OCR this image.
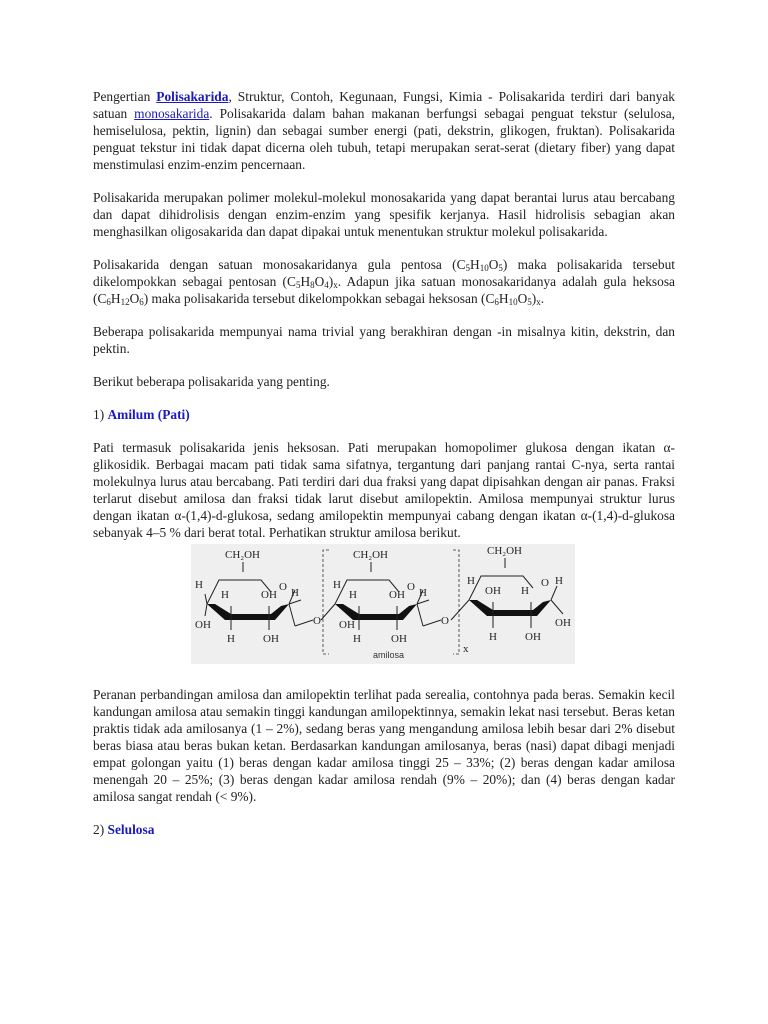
Pengertian Polisakarida, Struktur, Contoh, Kegunaan, Fungsi, Kimia - Polisakarida terdiri dari banyak satuan monosakarida. Polisakarida dalam bahan makanan berfungsi sebagai penguat tekstur (selulosa, hemiselulosa, pektin, lignin) dan sebagai sumber energi (pati, dekstrin, glikogen, fruktan). Polisakarida penguat tekstur ini tidak dapat dicerna oleh tubuh, tetapi merupakan serat-serat (dietary fiber) yang dapat menstimulasi enzim-enzim pencernaan.

Polisakarida merupakan polimer molekul-molekul monosakarida yang dapat berantai lurus atau bercabang dan dapat dihidrolisis dengan enzim-enzim yang spesifik kerjanya. Hasil hidrolisis sebagian akan menghasilkan oligosakarida dan dapat dipakai untuk menentukan struktur molekul polisakarida.

Polisakarida dengan satuan monosakaridanya gula pentosa $(C_5H_{10}O_5)$ maka polisakarida tersebut dikelompokkan sebagai pentosan $(C_5H_8O_4)_x$. Adapun jika satuan monosakaridanya adalah gula heksosa $(C_6H_{12}O_6)$ maka polisakarida tersebut dikelompokkan sebagai heksosan $(C_6H_{10}O_5)_x$.

Beberapa polisakarida mempunyai nama trivial yang berakhiran dengan -in misalnya kitin, dekstrin, dan pektin.

Berikut beberapa polisakarida yang penting.

1) Amilum (Pati)

Pati termasuk polisakarida jenis heksosan. Pati merupakan homopolimer glukosa dengan ikatan α-glikosidik. Berbagai macam pati tidak sama sifatnya, tergantung dari panjang rantai C-nya, serta rantai molekulnya lurus atau bercabang. Pati terdiri dari dua fraksi yang dapat dipisahkan dengan air panas. Fraksi terlarut disebut amilosa dan fraksi tidak larut disebut amilopektin. Amilosa mempunyai struktur lurus dengan ikatan α-(1,4)-d-glukosa, sedang amilopektin mempunyai cabang dengan ikatan α-(1,4)-d-glukosa sebanyak 4–5 % dari berat total. Perhatikan struktur amilosa berikut.

CH₂OH
O
H
H	OH H
OH
H	OH
O
CH₂OH
O
H
H	OH H
H	OH
O
OH
CH₂OH
O
H
OH H
H
OH
H	OH
x
amilosa

Peranan perbandingan amilosa dan amilopektin terlihat pada serealia, contohnya pada beras. Semakin kecil kandungan amilosa atau semakin tinggi kandungan amilopektinnya, semakin lekat nasi tersebut. Beras ketan praktis tidak ada amilosanya (1 – 2%), sedang beras yang mengandung amilosa lebih besar dari 2% disebut beras biasa atau beras bukan ketan. Berdasarkan kandungan amilosanya, beras (nasi) dapat dibagi menjadi empat golongan yaitu (1) beras dengan kadar amilosa tinggi 25 – 33%; (2) beras dengan kadar amilosa menengah 20 – 25%; (3) beras dengan kadar amilosa rendah (9% – 20%); dan (4) beras dengan kadar amilosa sangat rendah (< 9%).

2) Selulosa
